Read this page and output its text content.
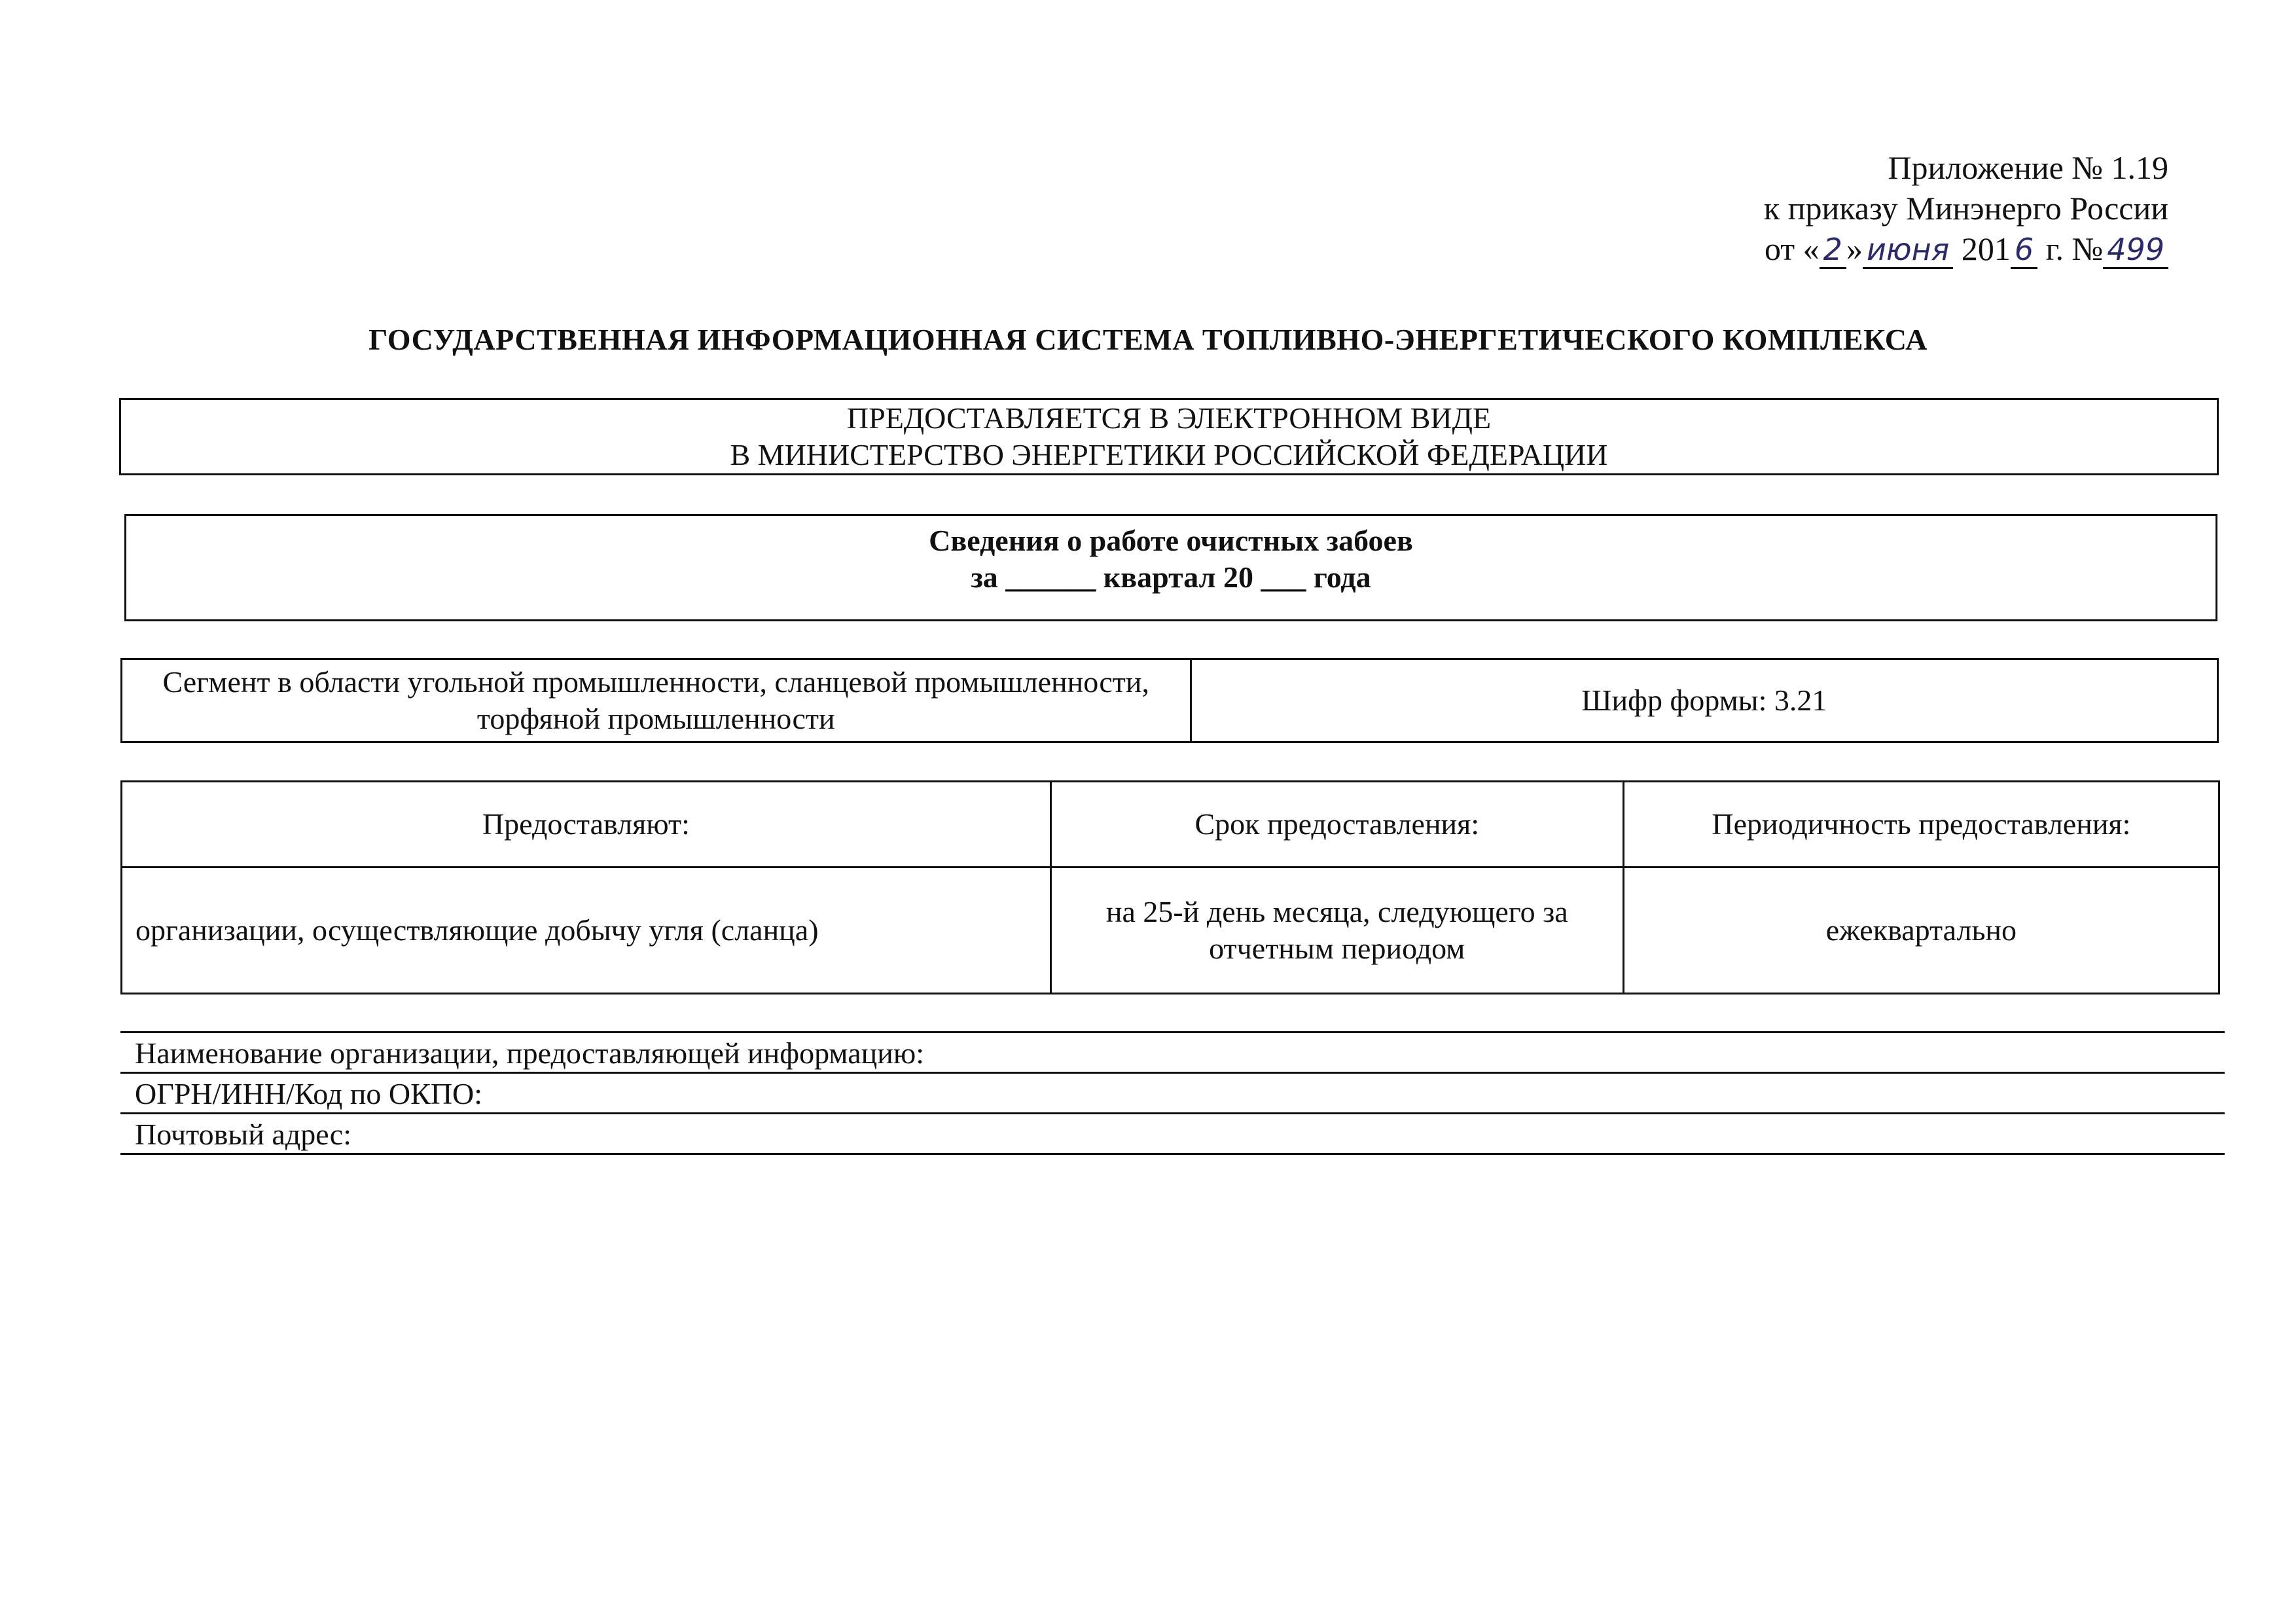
Приложение № 1.19
к приказу Минэнерго России
от « 2 » июня 201 6 г. № 499
ГОСУДАРСТВЕННАЯ ИНФОРМАЦИОННАЯ СИСТЕМА ТОПЛИВНО-ЭНЕРГЕТИЧЕСКОГО КОМПЛЕКСА
ПРЕДОСТАВЛЯЕТСЯ В ЭЛЕКТРОННОМ ВИДЕ
В МИНИСТЕРСТВО ЭНЕРГЕТИКИ РОССИЙСКОЙ ФЕДЕРАЦИИ
Сведения о работе очистных забоев
за ______ квартал 20 ___ года
Сегмент в области угольной промышленности, сланцевой промышленности, торфяной промышленности	Шифр формы: 3.21
Предоставляют:	Срок предоставления:	Периодичность предоставления:
организации, осуществляющие добычу угля (сланца)	на 25-й день месяца, следующего за отчетным периодом	ежеквартально
Наименование организации, предоставляющей информацию:
ОГРН/ИНН/Код по ОКПО:
Почтовый адрес:
